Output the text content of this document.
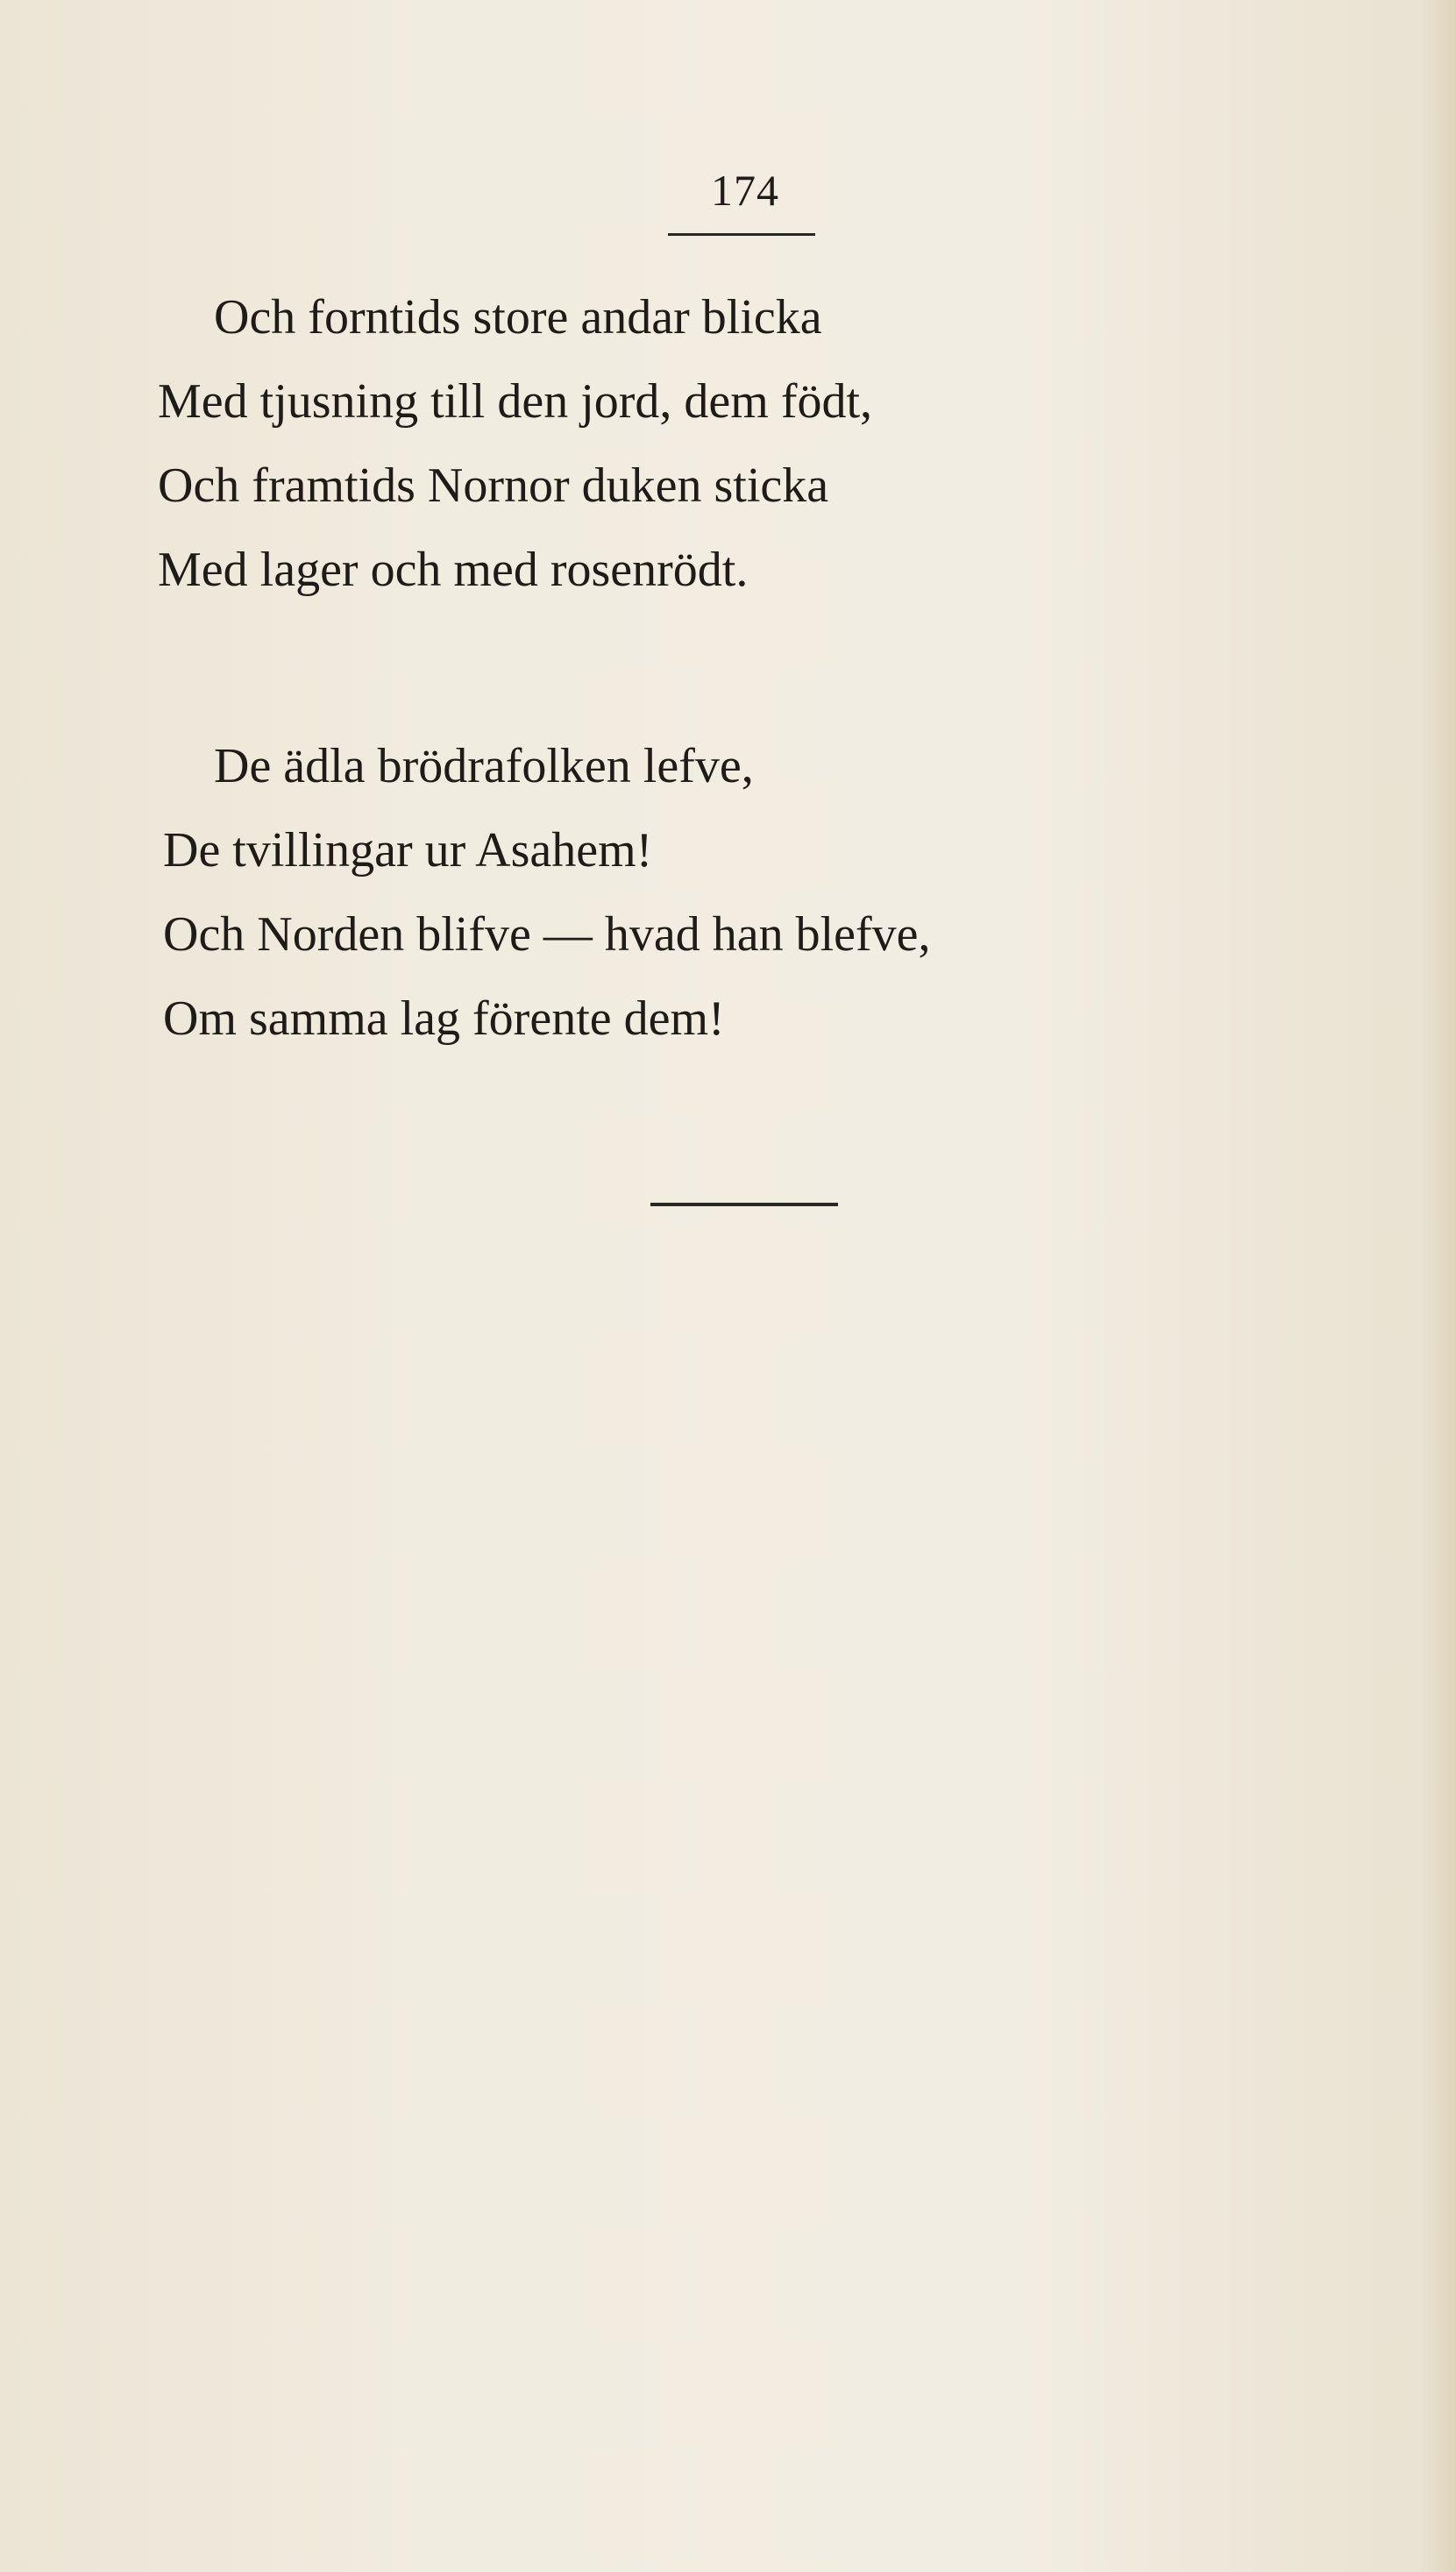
174
Och forntids store andar blicka
Med tjusning till den jord, dem födt,
Och framtids Nornor duken sticka
Med lager och med rosenrödt.
De ädla brödrafolken lefve,
De tvillingar ur Asahem!
Och Norden blifve — hvad han blefve,
Om samma lag förente dem!
